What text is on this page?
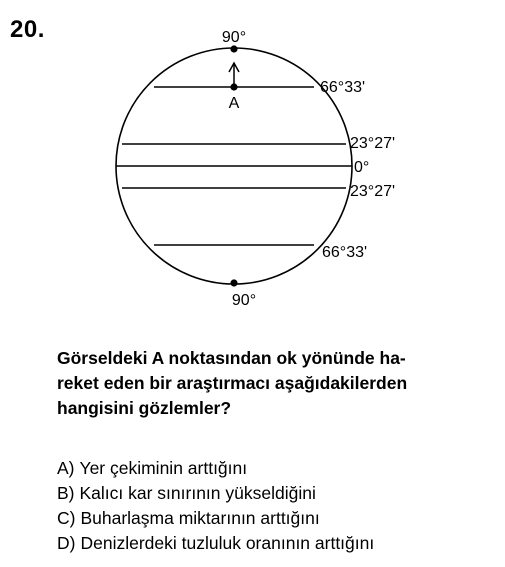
20.	90°
90°
A
66°33'
23°27'
0°
23°27'
66°33'
Görseldeki A noktasından ok yönünde ha-
reket eden bir araştırmacı aşağıdakilerden
hangisini gözlemler?
A) Yer çekiminin arttığını
B) Kalıcı kar sınırının yükseldiğini
C) Buharlaşma miktarının arttığını
D) Denizlerdeki tuzluluk oranının arttığını
